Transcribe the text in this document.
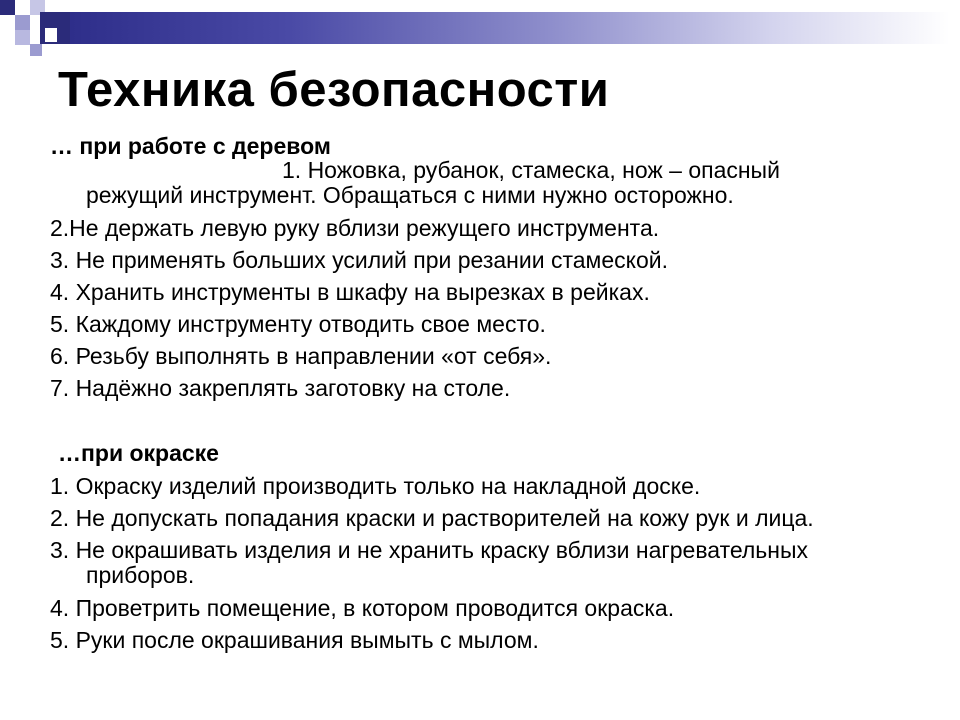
Техника безопасности
… при работе с деревом
1. Ножовка, рубанок, стамеска, нож – опасный
режущий инструмент. Обращаться с ними нужно осторожно.
2.Не держать левую руку вблизи режущего инструмента.
3. Не применять больших усилий при резании стамеской.
4. Хранить инструменты в шкафу на вырезках в рейках.
5. Каждому инструменту отводить свое место.
6. Резьбу выполнять в направлении «от себя».
7. Надёжно закреплять заготовку на столе.
…при окраске
1. Окраску изделий производить только на накладной доске.
2. Не допускать попадания краски и растворителей на кожу рук и лица.
3. Не окрашивать изделия и не хранить краску вблизи нагревательных
приборов.
4. Проветрить помещение, в котором проводится окраска.
5. Руки после окрашивания вымыть с мылом.
